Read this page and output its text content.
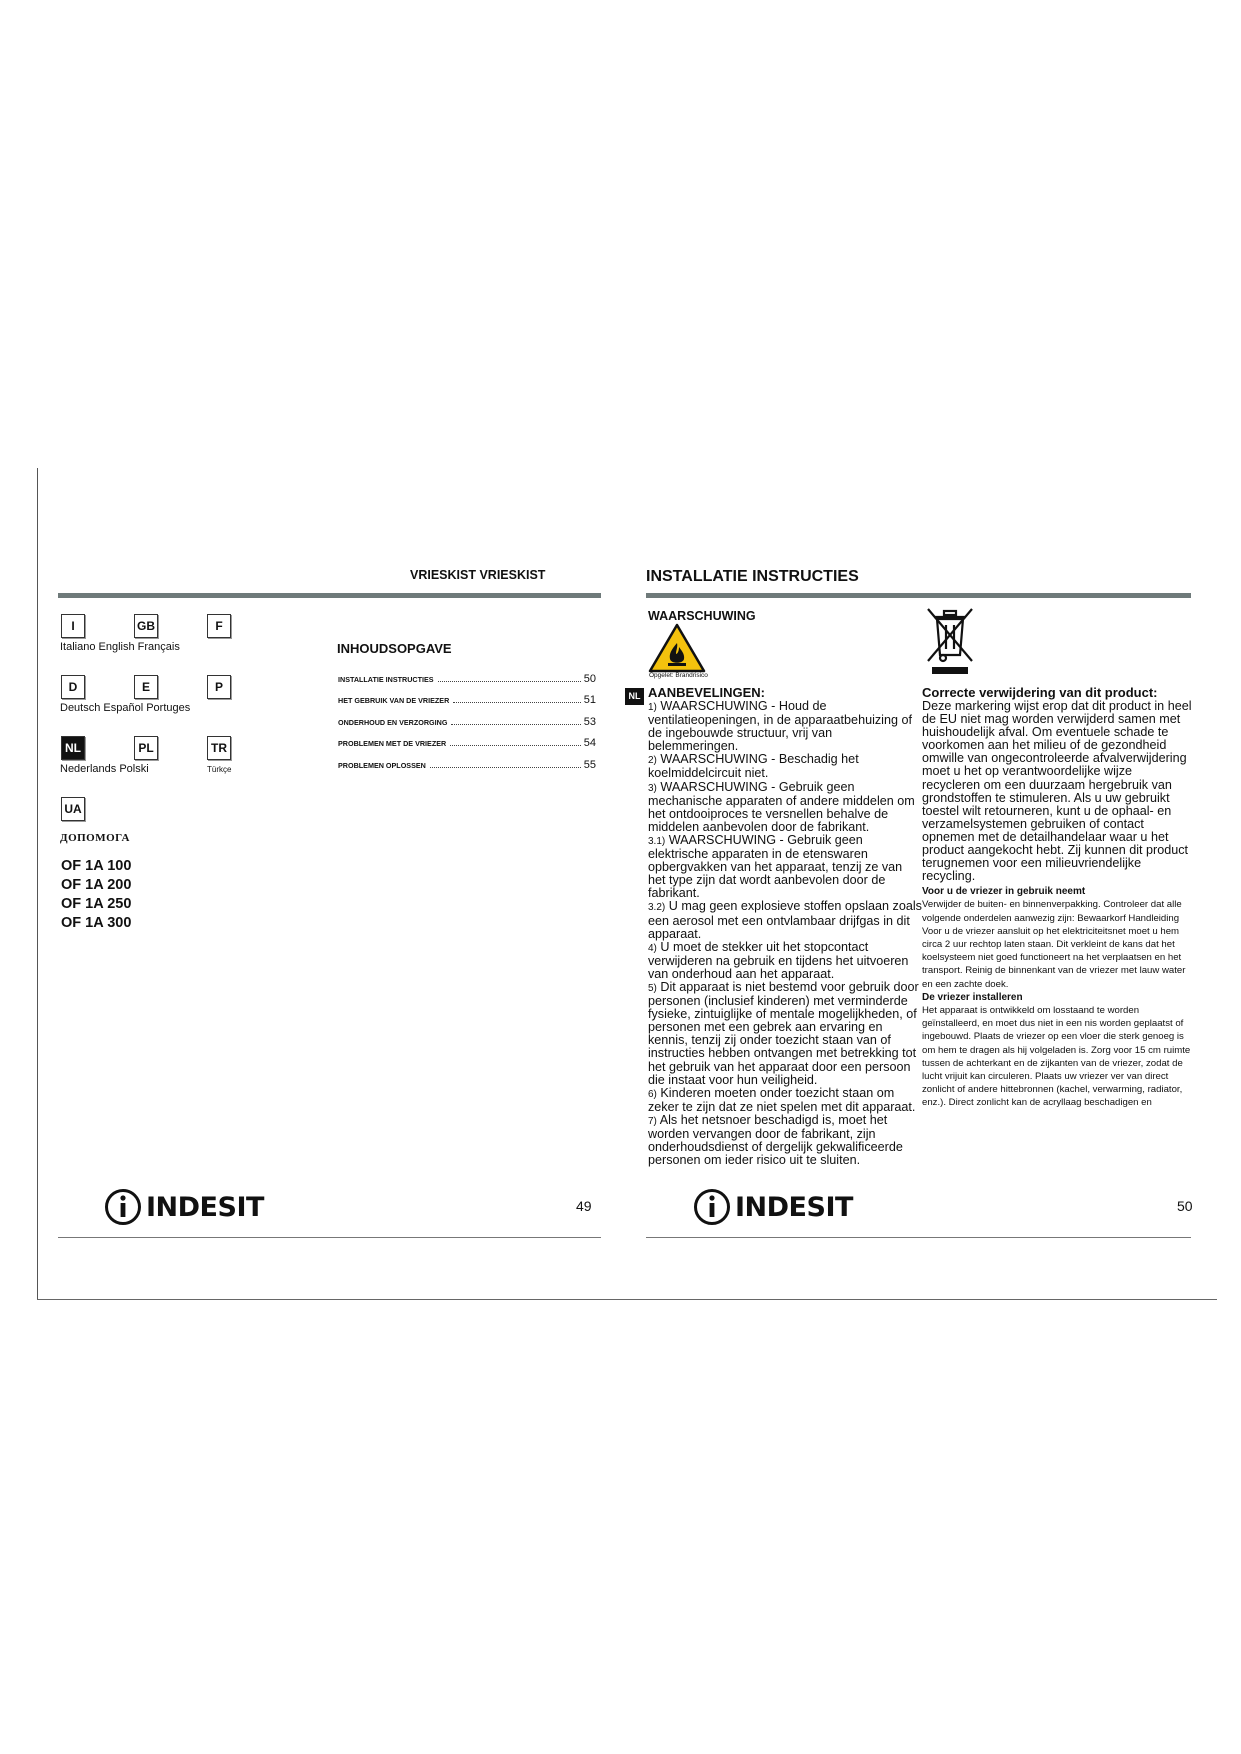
VRIESKIST VRIESKIST
I	GB	F
Italiano English Français
D	E	P
Deutsch Español Portuges
NL	PL	TR
Nederlands Polski	Türkçe
UA
ДОПОМОГА
OF 1A 100
OF 1A 200
OF 1A 250
OF 1A 300
INHOUDSOPGAVE
INSTALLATIE INSTRUCTIES	50
HET GEBRUIK VAN DE VRIEZER	51
ONDERHOUD EN VERZORGING	53
PROBLEMEN MET DE VRIEZER	54
PROBLEMEN OPLOSSEN	55
INDESIT	49
INSTALLATIE INSTRUCTIES
WAARSCHUWING
Opgelet: Brandrisico
NL AANBEVELINGEN:

1) WAARSCHUWING - Houd de ventilatieopeningen, in de apparaatbehuizing of de ingebouwde structuur, vrij van belemmeringen.

2) WAARSCHUWING - Beschadig het koelmiddelcircuit niet.

3) WAARSCHUWING - Gebruik geen mechanische apparaten of andere middelen om het ontdooiproces te versnellen behalve de middelen aanbevolen door de fabrikant.

3.1) WAARSCHUWING - Gebruik geen elektrische apparaten in de etenswaren opbergvakken van het apparaat, tenzij ze van het type zijn dat wordt aanbevolen door de fabrikant.

3.2) U mag geen explosieve stoffen opslaan zoals een aerosol met een ontvlambaar drijfgas in dit apparaat.

4) U moet de stekker uit het stopcontact verwijderen na gebruik en tijdens het uitvoeren van onderhoud aan het apparaat.

5) Dit apparaat is niet bestemd voor gebruik door personen (inclusief kinderen) met verminderde fysieke, zintuiglijke of mentale mogelijkheden, of personen met een gebrek aan ervaring en kennis, tenzij zij onder toezicht staan van of instructies hebben ontvangen met betrekking tot het gebruik van het apparaat door een persoon die instaat voor hun veiligheid.

6) Kinderen moeten onder toezicht staan om zeker te zijn dat ze niet spelen met dit apparaat.

7) Als het netsnoer beschadigd is, moet het worden vervangen door de fabrikant, zijn onderhoudsdienst of dergelijk gekwalificeerde personen om ieder risico uit te sluiten.

Correcte verwijdering van dit product:

Deze markering wijst erop dat dit product in heel de EU niet mag worden verwijderd samen met huishoudelijk afval. Om eventuele schade te voorkomen aan het milieu of de gezondheid omwille van ongecontroleerde afvalverwijdering moet u het op verantwoordelijke wijze recycleren om een duurzaam hergebruik van grondstoffen te stimuleren. Als u uw gebruikt toestel wilt retourneren, kunt u de ophaal- en verzamelsystemen gebruiken of contact opnemen met de detailhandelaar waar u het product aangekocht hebt. Zij kunnen dit product terugnemen voor een milieuvriendelijke recycling.

Voor u de vriezer in gebruik neemt

Verwijder de buiten- en binnenverpakking. Controleer dat alle volgende onderdelen aanwezig zijn: Bewaarkorf Handleiding Voor u de vriezer aansluit op het elektriciteitsnet moet u hem circa 2 uur rechtop laten staan. Dit verkleint de kans dat het koelsysteem niet goed functioneert na het verplaatsen en het transport. Reinig de binnenkant van de vriezer met lauw water en een zachte doek.

De vriezer installeren

Het apparaat is ontwikkeld om losstaand te worden geïnstalleerd, en moet dus niet in een nis worden geplaatst of ingebouwd. Plaats de vriezer op een vloer die sterk genoeg is om hem te dragen als hij volgeladen is. Zorg voor 15 cm ruimte tussen de achterkant en de zijkanten van de vriezer, zodat de lucht vrijuit kan circuleren. Plaats uw vriezer ver van direct zonlicht of andere hittebronnen (kachel, verwarming, radiator, enz.). Direct zonlicht kan de acryllaag beschadigen en

INDESIT	50
